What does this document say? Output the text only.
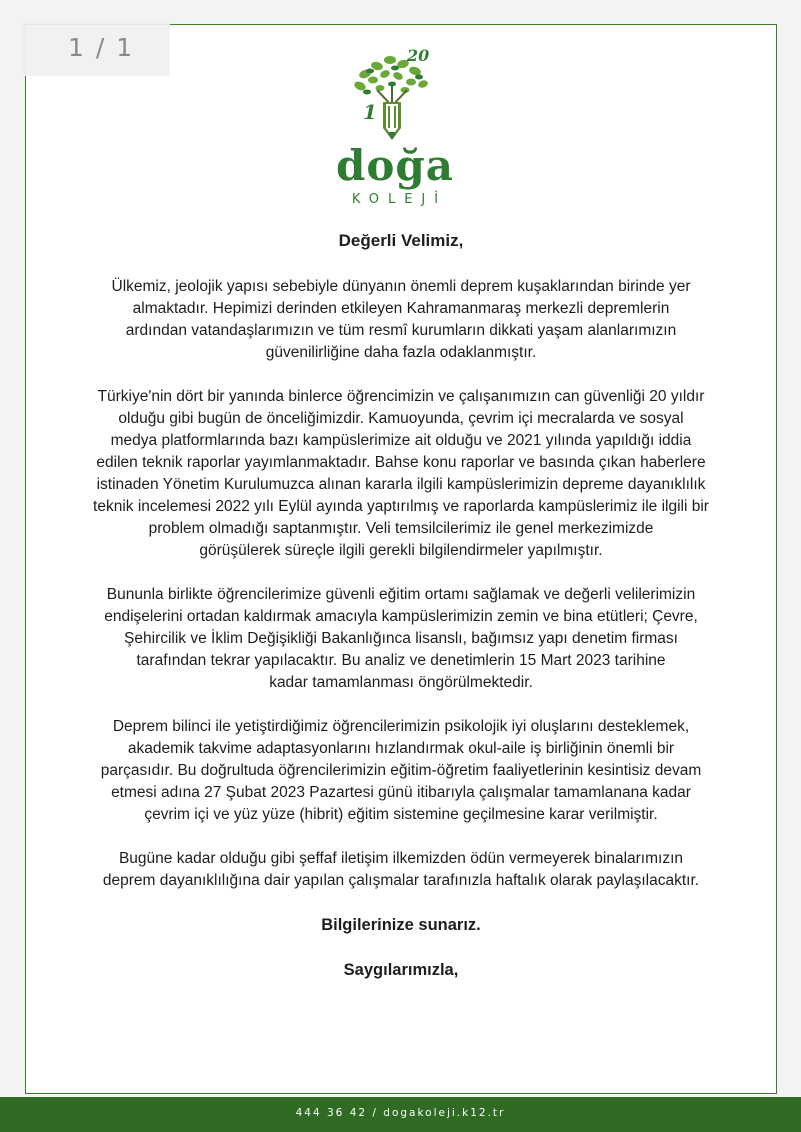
1 / 1	20
1
doğa
KOLEJİ
Değerli Velimiz,
Ülkemiz, jeolojik yapısı sebebiyle dünyanın önemli deprem kuşaklarından birinde yer
almaktadır. Hepimizi derinden etkileyen Kahramanmaraş merkezli depremlerin
ardından vatandaşlarımızın ve tüm resmî kurumların dikkati yaşam alanlarımızın
güvenilirliğine daha fazla odaklanmıştır.
Türkiye'nin dört bir yanında binlerce öğrencimizin ve çalışanımızın can güvenliği 20 yıldır
olduğu gibi bugün de önceliğimizdir. Kamuoyunda, çevrim içi mecralarda ve sosyal
medya platformlarında bazı kampüslerimize ait olduğu ve 2021 yılında yapıldığı iddia
edilen teknik raporlar yayımlanmaktadır. Bahse konu raporlar ve basında çıkan haberlere
istinaden Yönetim Kurulumuzca alınan kararla ilgili kampüslerimizin depreme dayanıklılık
teknik incelemesi 2022 yılı Eylül ayında yaptırılmış ve raporlarda kampüslerimiz ile ilgili bir
problem olmadığı saptanmıştır. Veli temsilcilerimiz ile genel merkezimizde
görüşülerek süreçle ilgili gerekli bilgilendirmeler yapılmıştır.
Bununla birlikte öğrencilerimize güvenli eğitim ortamı sağlamak ve değerli velilerimizin
endişelerini ortadan kaldırmak amacıyla kampüslerimizin zemin ve bina etütleri; Çevre,
Şehircilik ve İklim Değişikliği Bakanlığınca lisanslı, bağımsız yapı denetim firması
tarafından tekrar yapılacaktır. Bu analiz ve denetimlerin 15 Mart 2023 tarihine
kadar tamamlanması öngörülmektedir.
Deprem bilinci ile yetiştirdiğimiz öğrencilerimizin psikolojik iyi oluşlarını desteklemek,
akademik takvime adaptasyonlarını hızlandırmak okul-aile iş birliğinin önemli bir
parçasıdır. Bu doğrultuda öğrencilerimizin eğitim-öğretim faaliyetlerinin kesintisiz devam
etmesi adına 27 Şubat 2023 Pazartesi günü itibarıyla çalışmalar tamamlanana kadar
çevrim içi ve yüz yüze (hibrit) eğitim sistemine geçilmesine karar verilmiştir.
Bugüne kadar olduğu gibi şeffaf iletişim ilkemizden ödün vermeyerek binalarımızın
deprem dayanıklılığına dair yapılan çalışmalar tarafınızla haftalık olarak paylaşılacaktır.
Bilgilerinize sunarız.
Saygılarımızla,
444 36 42 / dogakoleji.k12.tr
